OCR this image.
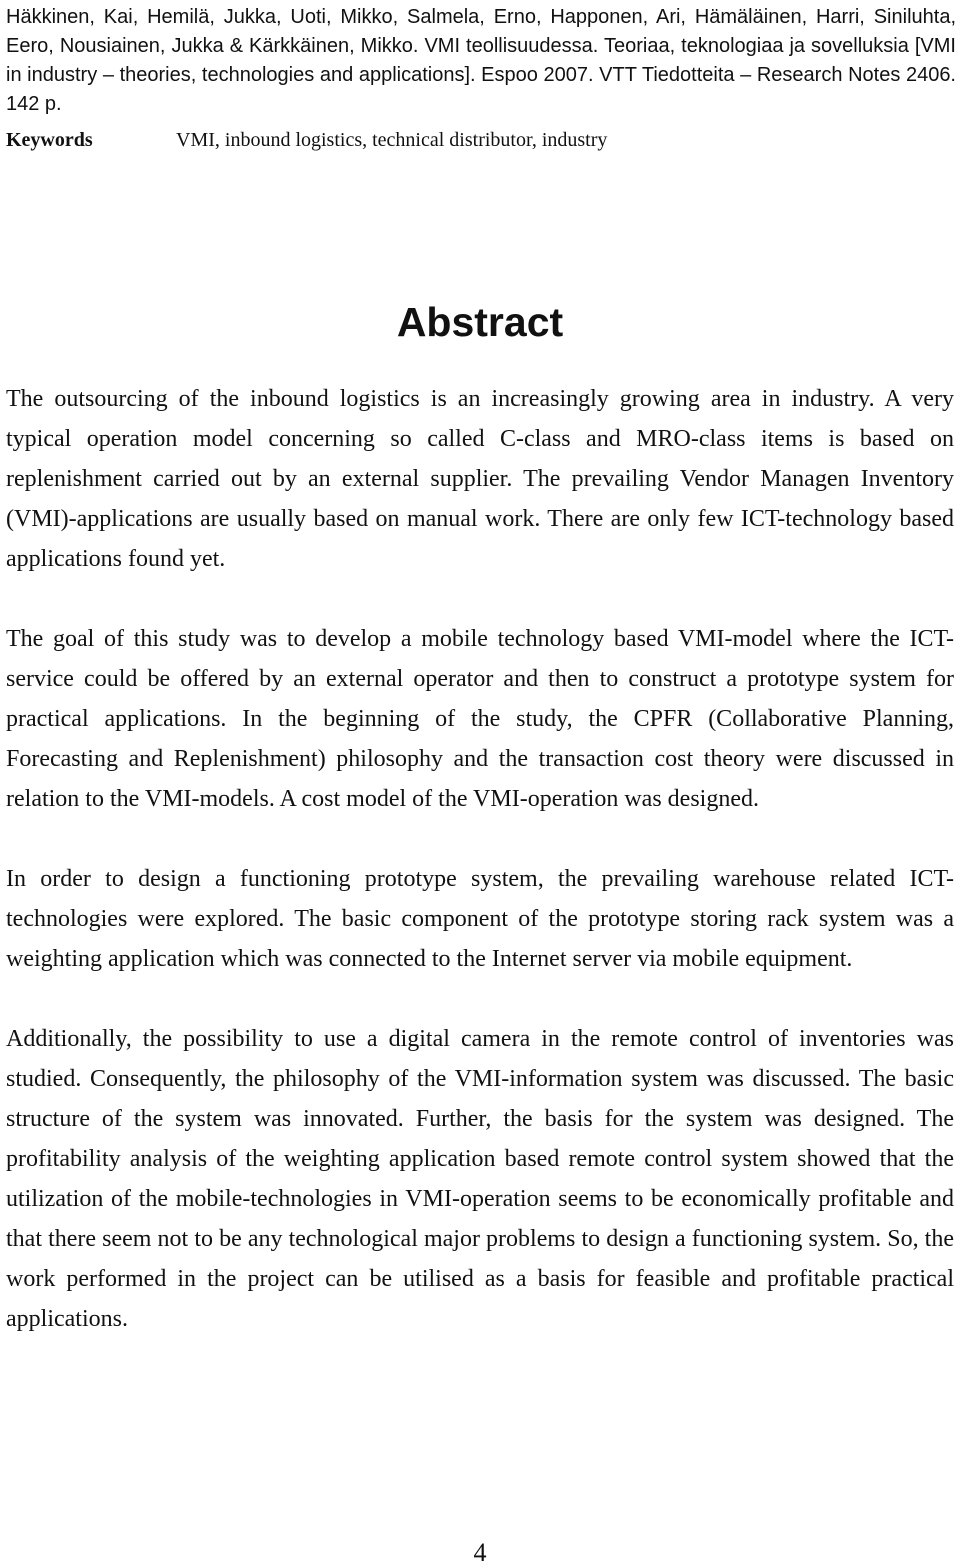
Häkkinen, Kai, Hemilä, Jukka, Uoti, Mikko, Salmela, Erno, Happonen, Ari, Hämäläinen, Harri, Siniluhta, Eero, Nousiainen, Jukka & Kärkkäinen, Mikko. VMI teollisuudessa. Teoriaa, teknologiaa ja sovelluksia [VMI in industry – theories, technologies and applications]. Espoo 2007. VTT Tiedotteita – Research Notes 2406. 142 p.

Keywords	VMI, inbound logistics, technical distributor, industry
Abstract

The outsourcing of the inbound logistics is an increasingly growing area in industry. A very typical operation model concerning so called C-class and MRO-class items is based on replenishment carried out by an external supplier. The prevailing Vendor Managen Inventory (VMI)-applications are usually based on manual work. There are only few ICT-technology based applications found yet.

The goal of this study was to develop a mobile technology based VMI-model where the ICT-service could be offered by an external operator and then to construct a prototype system for practical applications. In the beginning of the study, the CPFR (Collaborative Planning, Forecasting and Replenishment) philosophy and the transaction cost theory were discussed in relation to the VMI-models. A cost model of the VMI-operation was designed.

In order to design a functioning prototype system, the prevailing warehouse related ICT-technologies were explored. The basic component of the prototype storing rack system was a weighting application which was connected to the Internet server via mobile equipment.

Additionally, the possibility to use a digital camera in the remote control of inventories was studied. Consequently, the philosophy of the VMI-information system was discussed. The basic structure of the system was innovated. Further, the basis for the system was designed. The profitability analysis of the weighting application based remote control system showed that the utilization of the mobile-technologies in VMI-operation seems to be economically profitable and that there seem not to be any technological major problems to design a functioning system. So, the work performed in the project can be utilised as a basis for feasible and profitable practical applications.

4
